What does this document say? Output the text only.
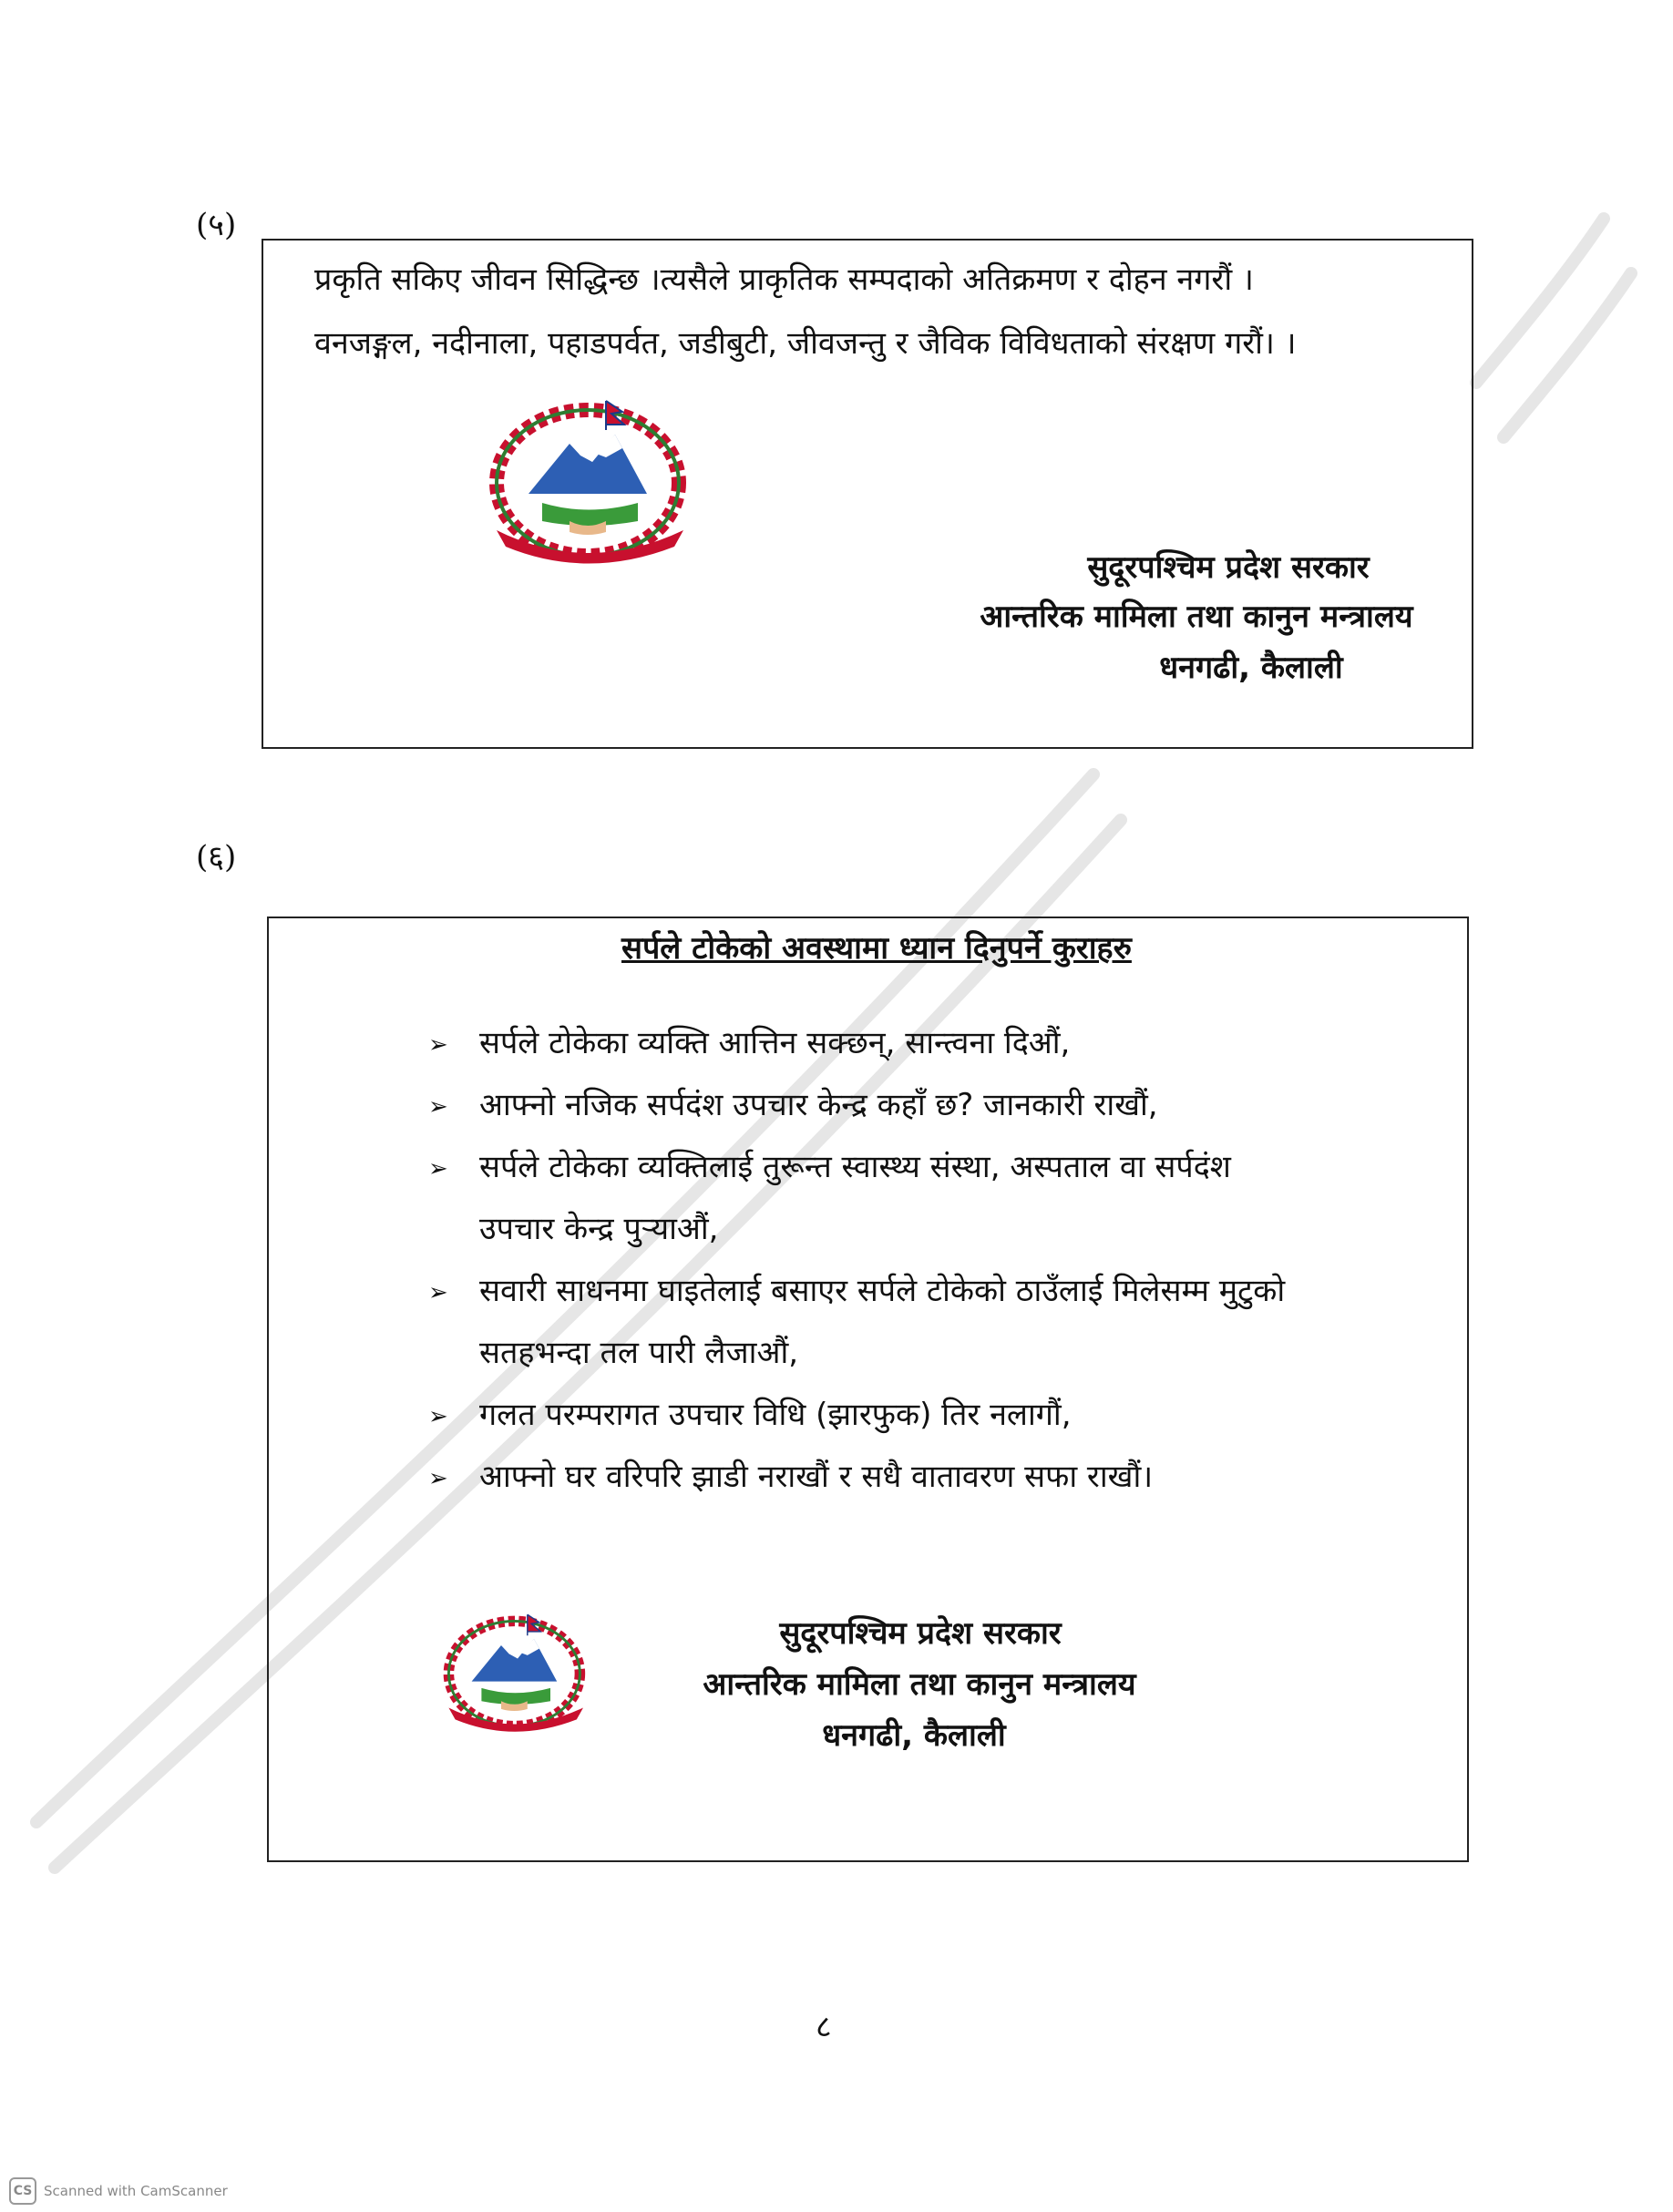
(५)
प्रकृति सकिए जीवन सिद्धिन्छ ।त्यसैले प्राकृतिक सम्पदाको अतिक्रमण र दोहन नगरौं ।
वनजङ्गल, नदीनाला, पहाडपर्वत, जडीबुटी, जीवजन्तु र जैविक विविधताको संरक्षण गरौं। ।
सुदूरपश्चिम प्रदेश सरकार
आन्तरिक मामिला तथा कानुन मन्त्रालय
धनगढी, कैलाली
(६)
सर्पले टोकेको अवस्थामा ध्यान दिनुपर्ने कुराहरु
➢ सर्पले टोकेका व्यक्ति आत्तिन सक्छन्, सान्त्वना दिऔं,
➢ आफ्नो नजिक सर्पदंश उपचार केन्द्र कहाँ छ? जानकारी राखौं,
➢ सर्पले टोकेका व्यक्तिलाई तुरून्त स्वास्थ्य संस्था, अस्पताल वा सर्पदंश
उपचार केन्द्र पुऱ्याऔं,
➢ सवारी साधनमा घाइतेलाई बसाएर सर्पले टोकेको ठाउँलाई मिलेसम्म मुटुको
सतहभन्दा तल पारी लैजाऔं,
➢ गलत परम्परागत उपचार विधि (झारफुक) तिर नलागौं,
➢ आफ्नो घर वरिपरि झाडी नराखौं र सधै वातावरण सफा राखौं।
सुदूरपश्चिम प्रदेश सरकार
आन्तरिक मामिला तथा कानुन मन्त्रालय
धनगढी, कैलाली
८
CS Scanned with CamScanner
